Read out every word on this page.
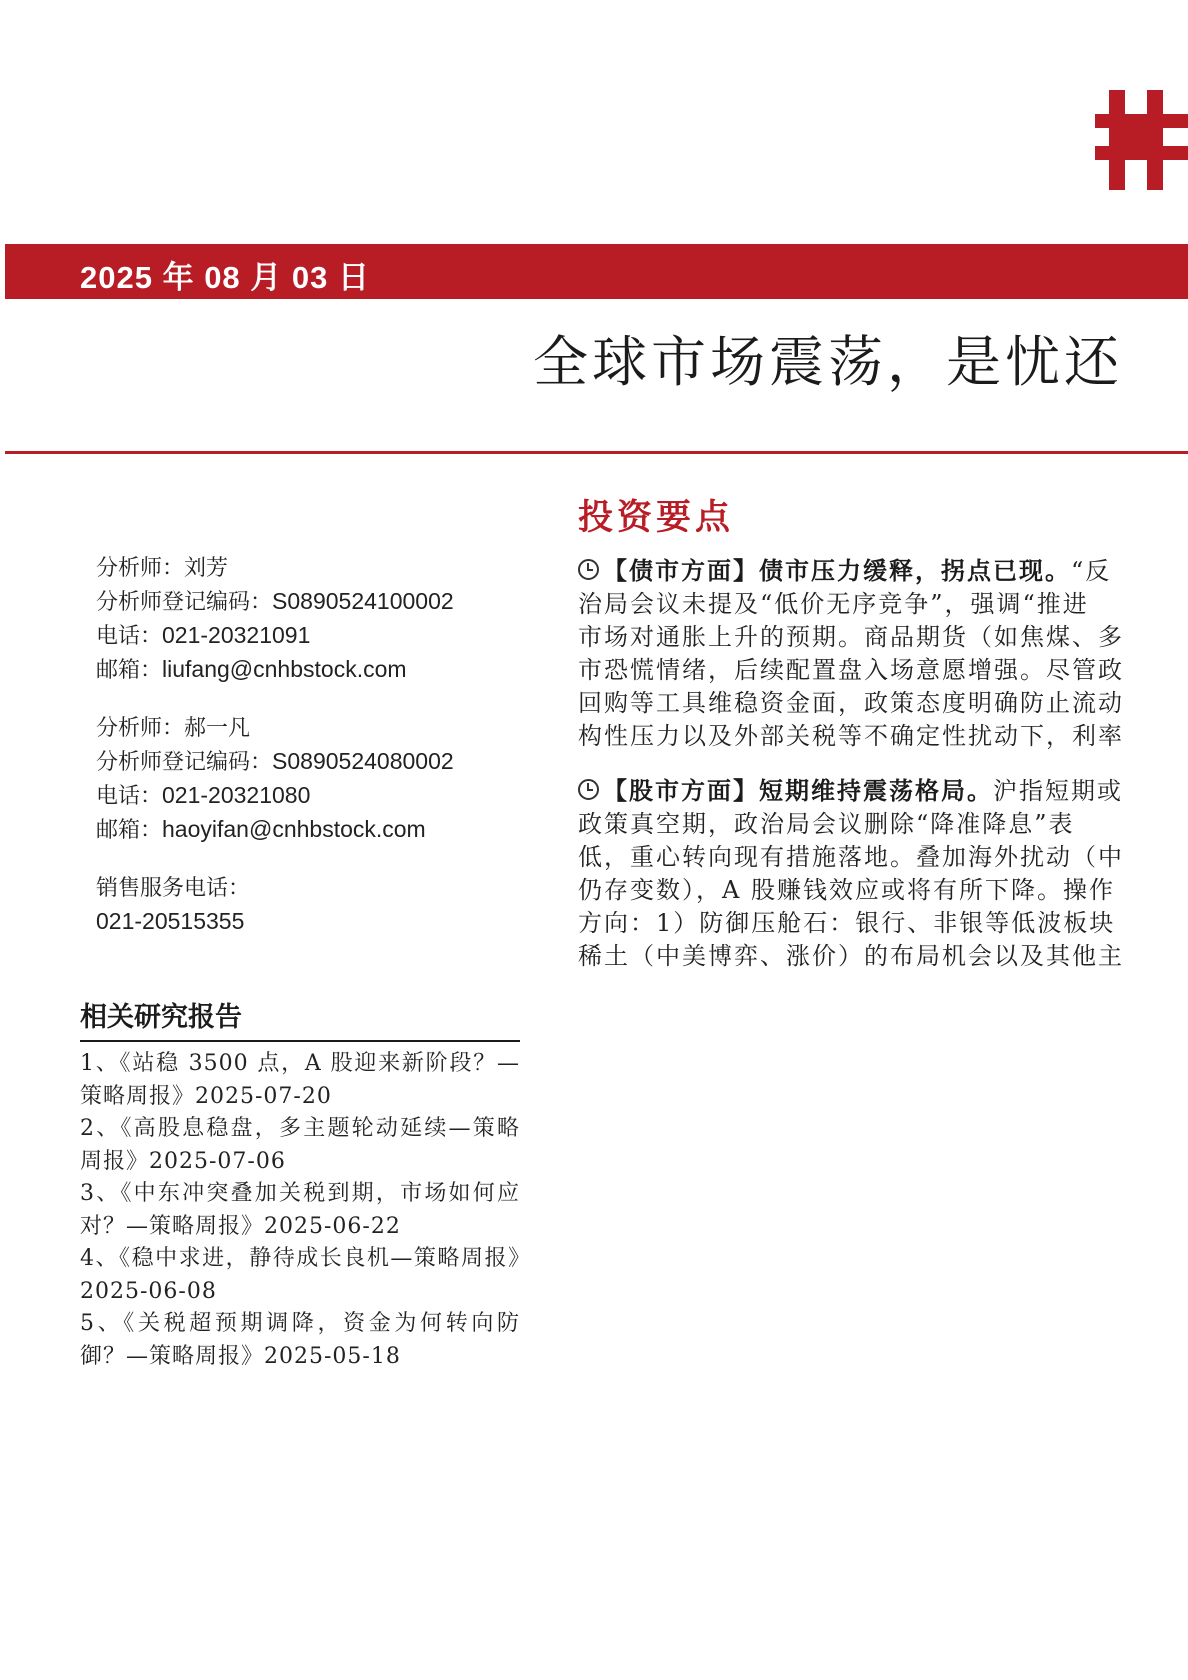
2025 年 08 月 03 日
全球市场震荡，是忧还
分析师：刘芳
分析师登记编码：S0890524100002
电话：021-20321091
邮箱：liufang@cnhbstock.com
分析师：郝一凡
分析师登记编码：S0890524080002
电话：021-20321080
邮箱：haoyifan@cnhbstock.com
销售服务电话：
021-20515355
相关研究报告
1、《站稳 3500 点，A 股迎来新阶段？—策略周报》2025-07-20
2、《高股息稳盘，多主题轮动延续—策略周报》2025-07-06
3、《中东冲突叠加关税到期，市场如何应对？—策略周报》2025-06-22
4、《稳中求进，静待成长良机—策略周报》2025-06-08
5、《关税超预期调降，资金为何转向防御？—策略周报》2025-05-18
投资要点
【债市方面】债市压力缓释，拐点已现。“反
治局会议未提及“低价无序竞争”，强调“推进
市场对通胀上升的预期。商品期货（如焦煤、多
市恐慌情绪，后续配置盘入场意愿增强。尽管政
回购等工具维稳资金面，政策态度明确防止流动
构性压力以及外部关税等不确定性扰动下，利率
【股市方面】短期维持震荡格局。沪指短期或
政策真空期，政治局会议删除“降准降息”表
低，重心转向现有措施落地。叠加海外扰动（中
仍存变数），A 股赚钱效应或将有所下降。操作
方向：1）防御压舱石：银行、非银等低波板块
稀土（中美博弈、涨价）的布局机会以及其他主
